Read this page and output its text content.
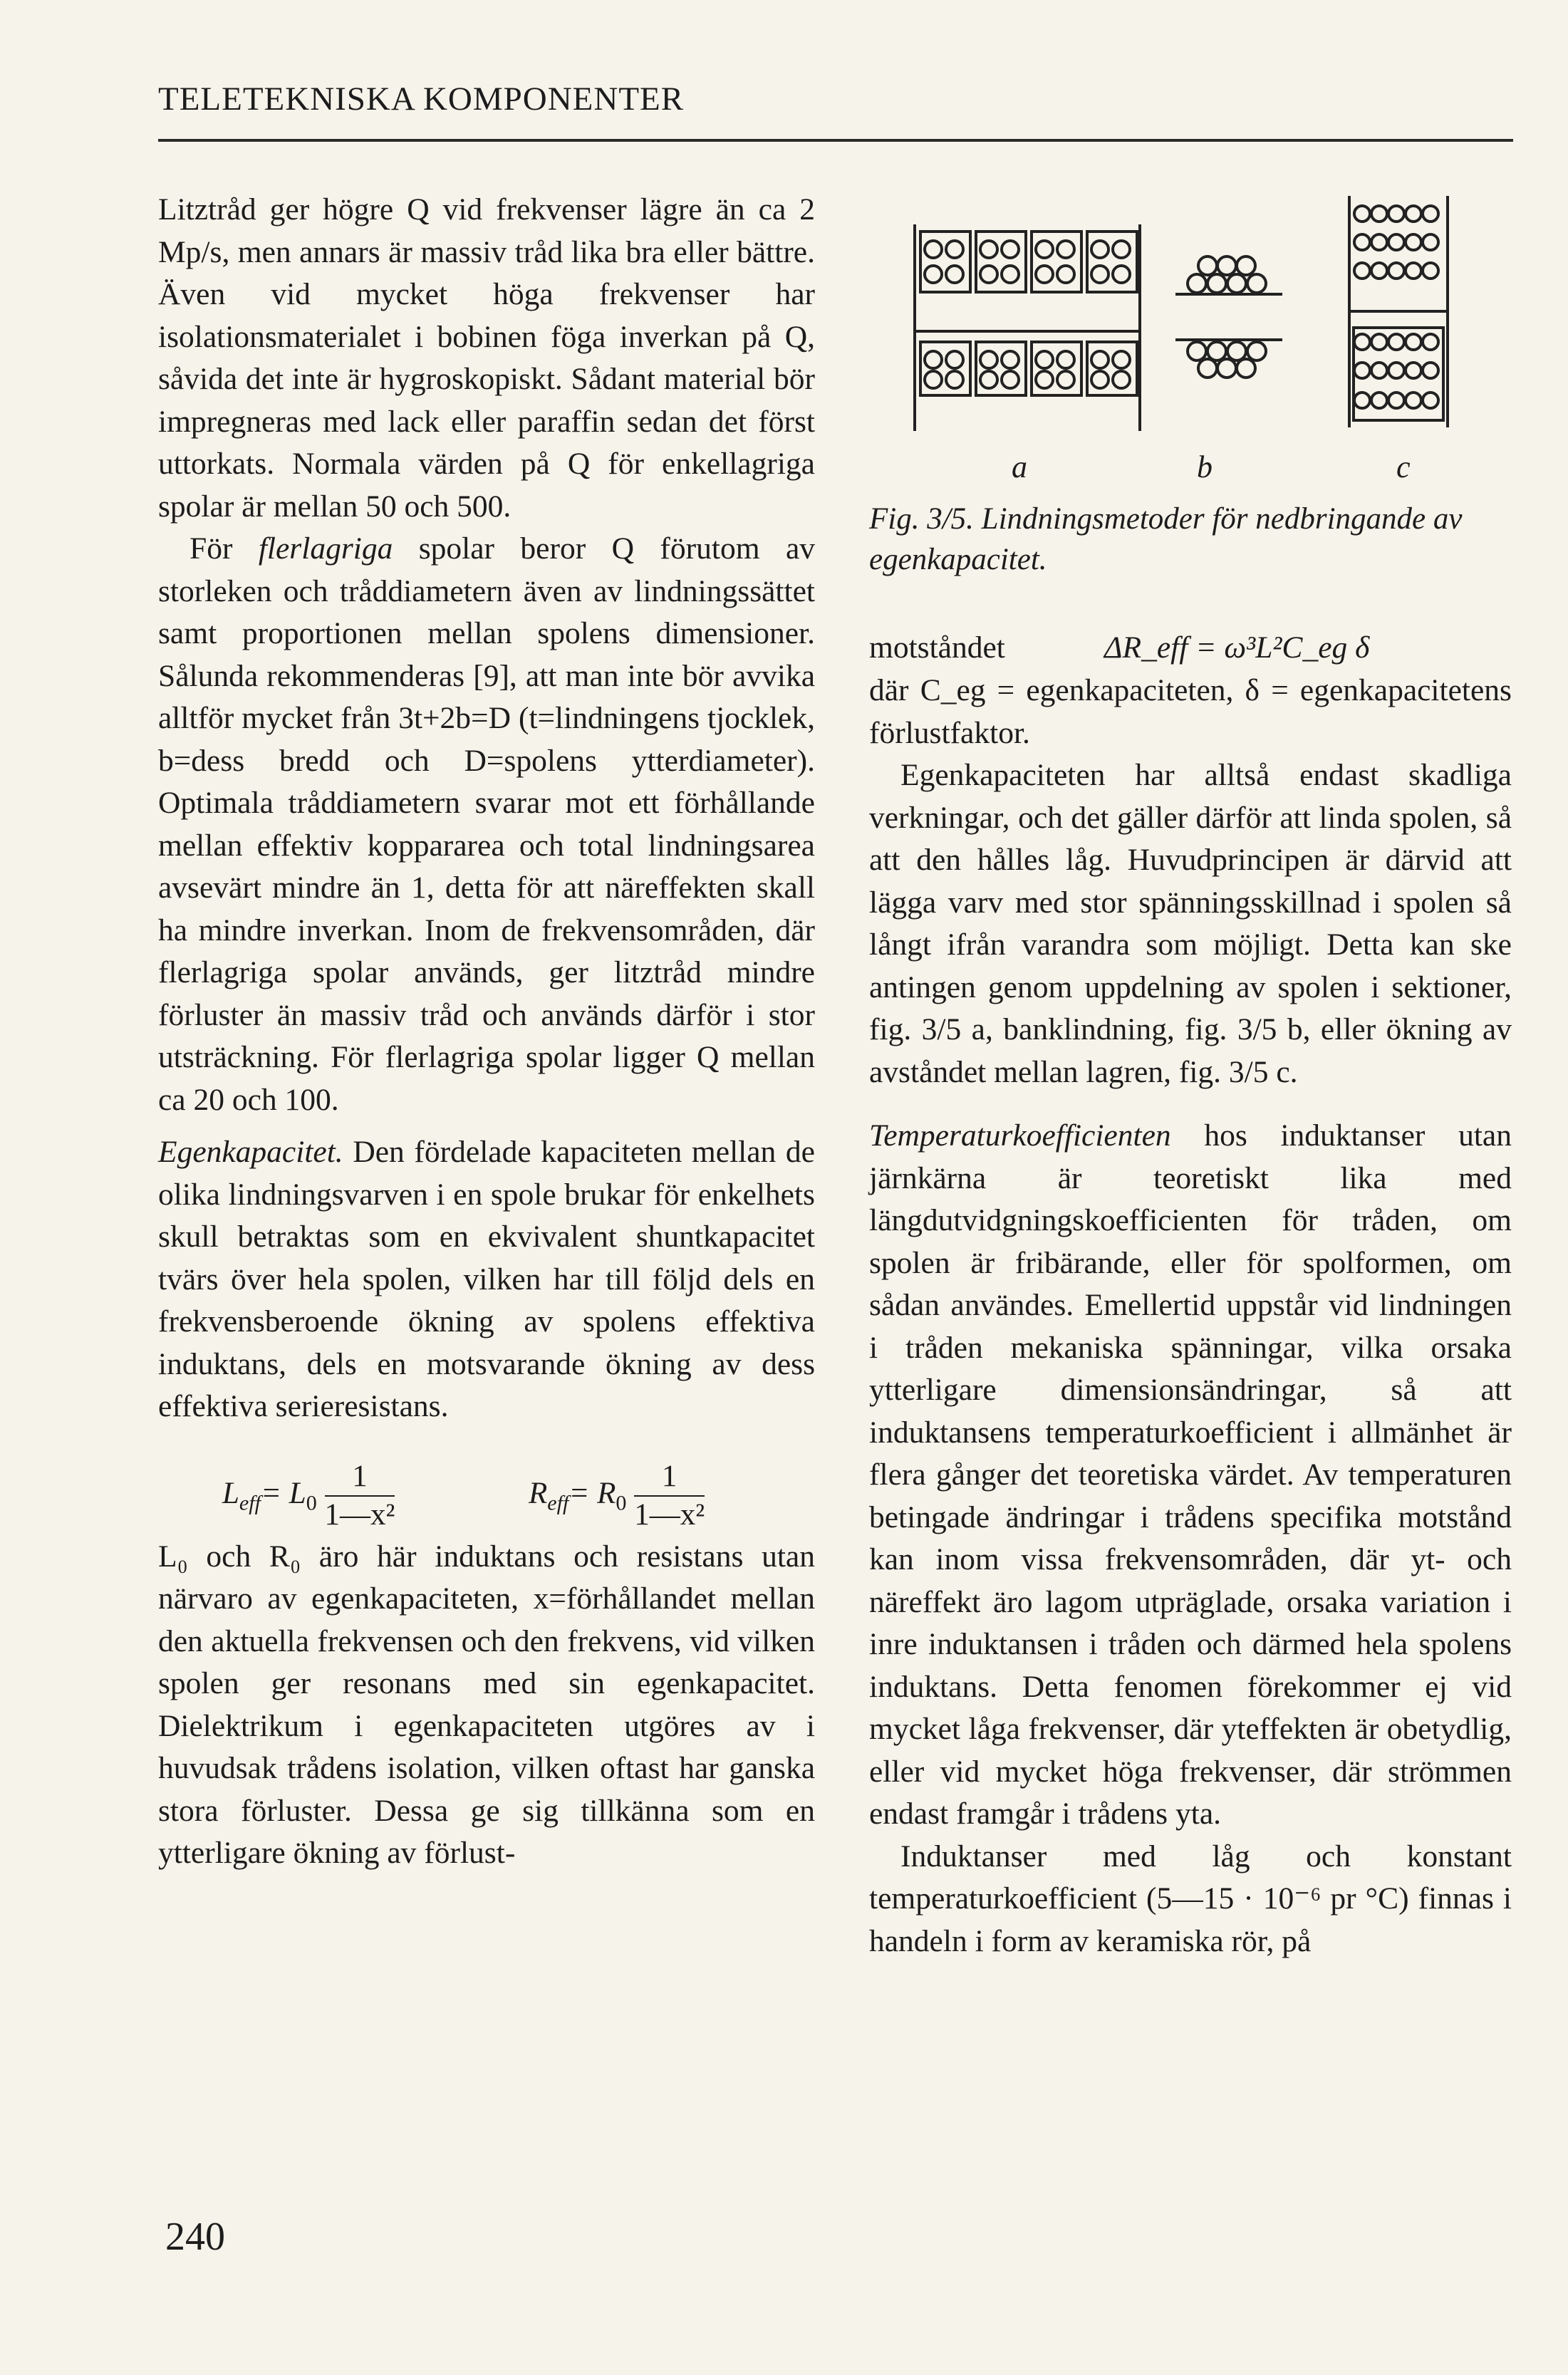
TELETEKNISKA KOMPONENTER

Litztråd ger högre Q vid frekvenser lägre än ca 2 Mp/s, men annars är massiv tråd lika bra eller bättre. Även vid mycket höga frekvenser har isolationsmaterialet i bobinen föga inverkan på Q, såvida det inte är hygroskopiskt. Sådant material bör impregneras med lack eller paraffin sedan det först uttorkats. Normala värden på Q för enkellagriga spolar är mellan 50 och 500.

För flerlagriga spolar beror Q förutom av storleken och tråddiametern även av lindningssättet samt proportionen mellan spolens dimensioner. Sålunda rekommenderas [9], att man inte bör avvika alltför mycket från 3t+2b=D (t=lindningens tjocklek, b=dess bredd och D=spolens ytterdiameter). Optimala tråddiametern svarar mot ett förhållande mellan effektiv koppararea och total lindningsarea avsevärt mindre än 1, detta för att näreffekten skall ha mindre inverkan. Inom de frekvensområden, där flerlagriga spolar används, ger litztråd mindre förluster än massiv tråd och används därför i stor utsträckning. För flerlagriga spolar ligger Q mellan ca 20 och 100.

Egenkapacitet. Den fördelade kapaciteten mellan de olika lindningsvarven i en spole brukar för enkelhets skull betraktas som en ekvivalent shuntkapacitet tvärs över hela spolen, vilken har till följd dels en frekvensberoende ökning av spolens effektiva induktans, dels en motsvarande ökning av dess effektiva serieresistans.

$L_{eff}= L_0 \frac{1}{\text{1—x²}}$	$R_{eff}= R_0 \frac{1}{\text{1—x²}}$

L₀ och R₀ äro här induktans och resistans utan närvaro av egenkapaciteten, x=förhållandet mellan den aktuella frekvensen och den frekvens, vid vilken spolen ger resonans med sin egenkapacitet. Dielektrikum i egenkapaciteten utgöres av i huvudsak trådens isolation, vilken oftast har ganska stora förluster. Dessa ge sig tillkänna som en ytterligare ökning av förlust-

a	b	c
Fig. 3/5. Lindningsmetoder för nedbringande av egenkapacitet.
motståndet	ΔR_eff = ω³L²C_eg δ

där C_eg = egenkapaciteten, δ = egenkapacitetens förlustfaktor.

Egenkapaciteten har alltså endast skadliga verkningar, och det gäller därför att linda spolen, så att den hålles låg. Huvudprincipen är därvid att lägga varv med stor spänningsskillnad i spolen så långt ifrån varandra som möjligt. Detta kan ske antingen genom uppdelning av spolen i sektioner, fig. 3/5 a, banklindning, fig. 3/5 b, eller ökning av avståndet mellan lagren, fig. 3/5 c.

Temperaturkoefficienten hos induktanser utan järnkärna är teoretiskt lika med längdutvidgningskoefficienten för tråden, om spolen är fribärande, eller för spolformen, om sådan användes. Emellertid uppstår vid lindningen i tråden mekaniska spänningar, vilka orsaka ytterligare dimensionsändringar, så att induktansens temperaturkoefficient i allmänhet är flera gånger det teoretiska värdet. Av temperaturen betingade ändringar i trådens specifika motstånd kan inom vissa frekvensområden, där yt- och näreffekt äro lagom utpräglade, orsaka variation i inre induktansen i tråden och därmed hela spolens induktans. Detta fenomen förekommer ej vid mycket låga frekvenser, där yteffekten är obetydlig, eller vid mycket höga frekvenser, där strömmen endast framgår i trådens yta.

Induktanser med låg och konstant temperaturkoefficient (5—15 · 10⁻⁶ pr °C) finnas i handeln i form av keramiska rör, på

240
